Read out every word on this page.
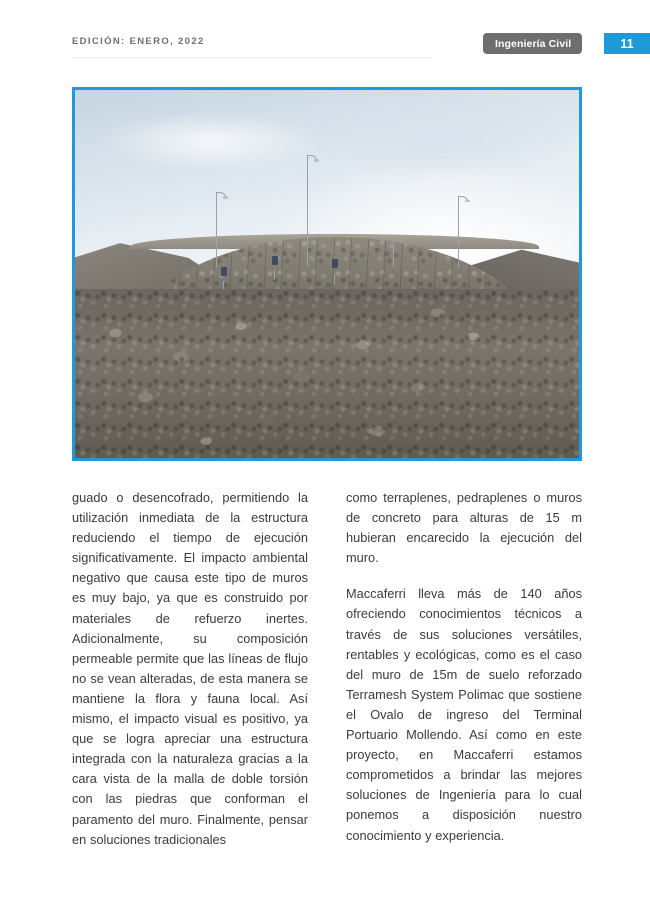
EDICIÓN: ENERO, 2022	Ingeniería Civil	11

guado o desencofrado, permitiendo la utilización inmediata de la estructura reduciendo el tiempo de ejecución significativamente. El impacto ambiental negativo que causa este tipo de muros es muy bajo, ya que es construido por materiales de refuerzo inertes. Adicionalmente, su composición permeable permite que las líneas de flujo no se vean alteradas, de esta manera se mantiene la flora y fauna local. Así mismo, el impacto visual es positivo, ya que se logra apreciar una estructura integrada con la naturaleza gracias a la cara vista de la malla de doble torsión con las piedras que conforman el paramento del muro. Finalmente, pensar en soluciones tradicionales

como terraplenes, pedraplenes o muros de concreto para alturas de 15 m hubieran encarecido la ejecución del muro.

Maccaferri lleva más de 140 años ofreciendo conocimientos técnicos a través de sus soluciones versátiles, rentables y ecológicas, como es el caso del muro de 15m de suelo reforzado Terramesh System Polimac que sostiene el Ovalo de ingreso del Terminal Portuario Mollendo. Así como en este proyecto, en Maccaferri estamos comprometidos a brindar las mejores soluciones de Ingeniería para lo cual ponemos a disposición nuestro conocimiento y experiencia.
